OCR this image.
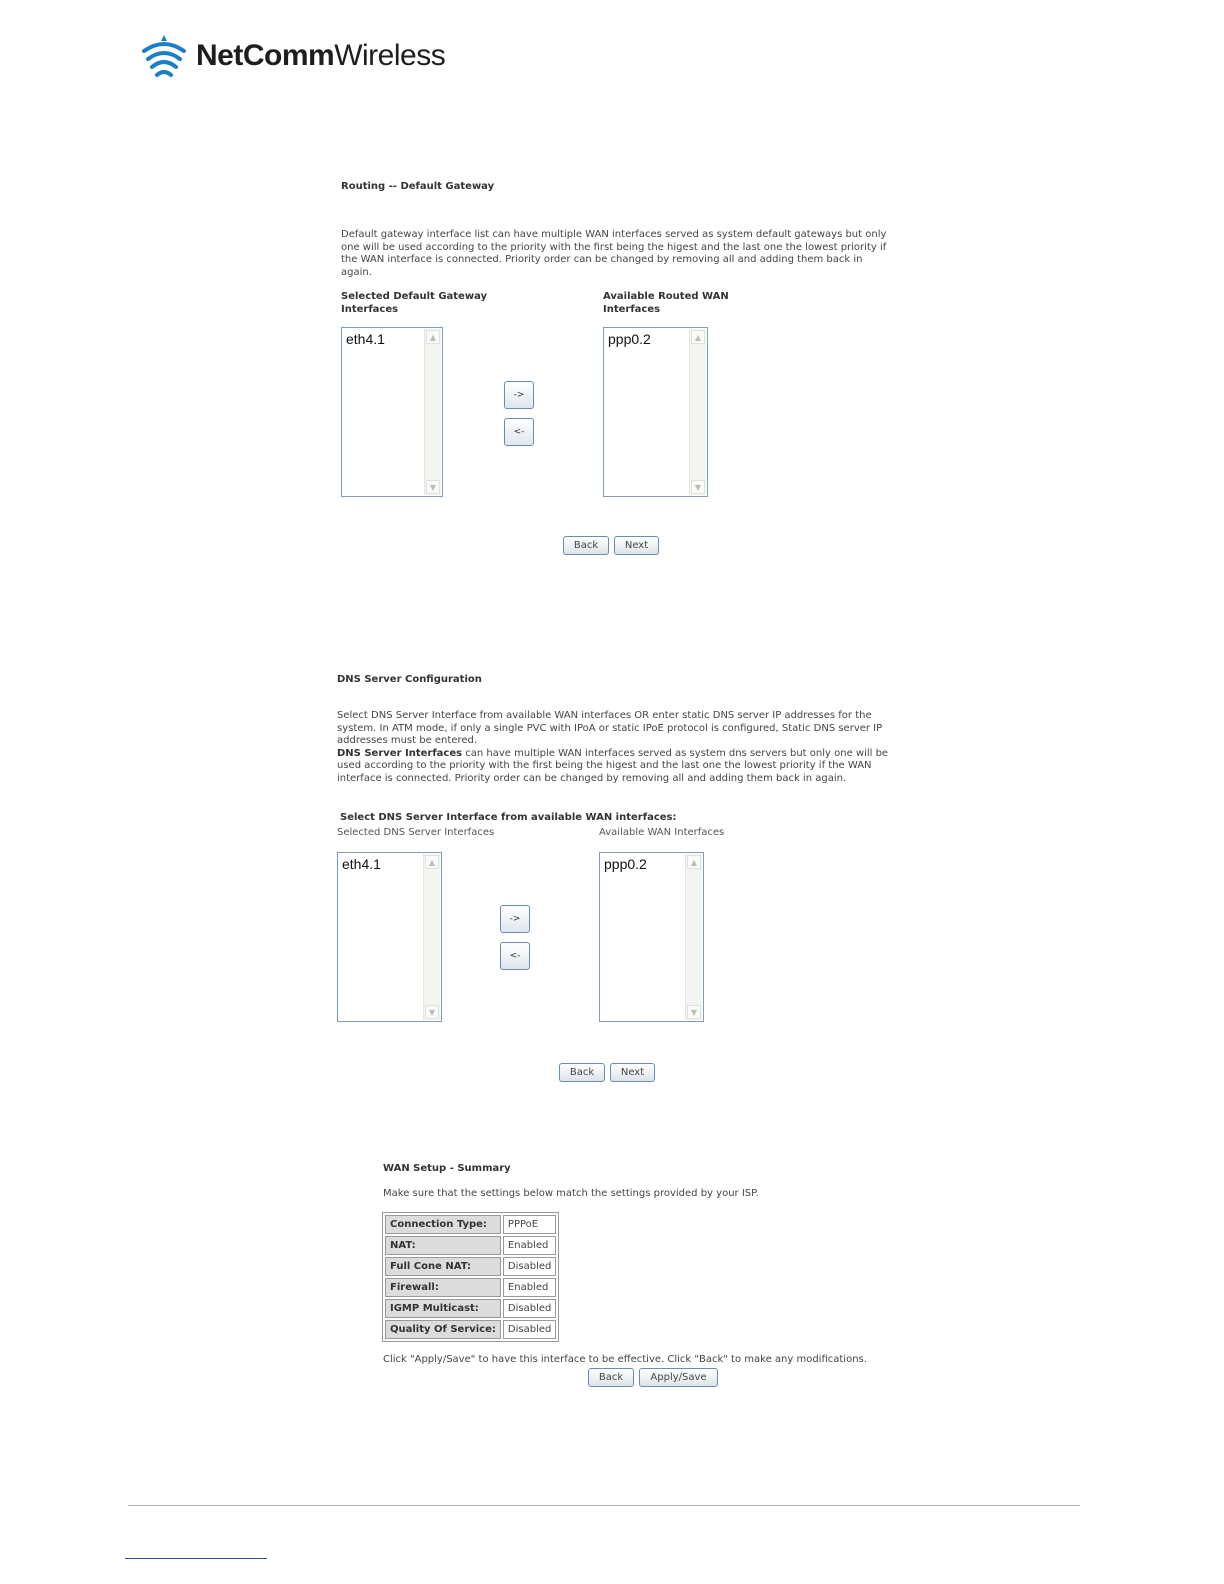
NetCommWireless
Routing -- Default Gateway
Default gateway interface list can have multiple WAN interfaces served as system default gateways but only one will be used according to the priority with the first being the higest and the last one the lowest priority if the WAN interface is connected. Priority order can be changed by removing all and adding them back in again.
Selected Default Gateway
Interfaces
Available Routed WAN
Interfaces
eth4.1	▲
▼
->
<-
ppp0.2	▲
▼
Back	Next
DNS Server Configuration
Select DNS Server Interface from available WAN interfaces OR enter static DNS server IP addresses for the system. In ATM mode, if only a single PVC with IPoA or static IPoE protocol is configured, Static DNS server IP addresses must be entered.
DNS Server Interfaces can have multiple WAN interfaces served as system dns servers but only one will be used according to the priority with the first being the higest and the last one the lowest priority if the WAN interface is connected. Priority order can be changed by removing all and adding them back in again.
Select DNS Server Interface from available WAN interfaces:
Selected DNS Server Interfaces	Available WAN Interfaces
eth4.1	▲
▼
->
<-
ppp0.2	▲
▼
Back	Next
WAN Setup - Summary
Make sure that the settings below match the settings provided by your ISP.
Connection Type:	PPPoE
NAT:	Enabled
Full Cone NAT:	Disabled
Firewall:	Enabled
IGMP Multicast:	Disabled
Quality Of Service:	Disabled
Click "Apply/Save" to have this interface to be effective. Click "Back" to make any modifications.
Back	Apply/Save
